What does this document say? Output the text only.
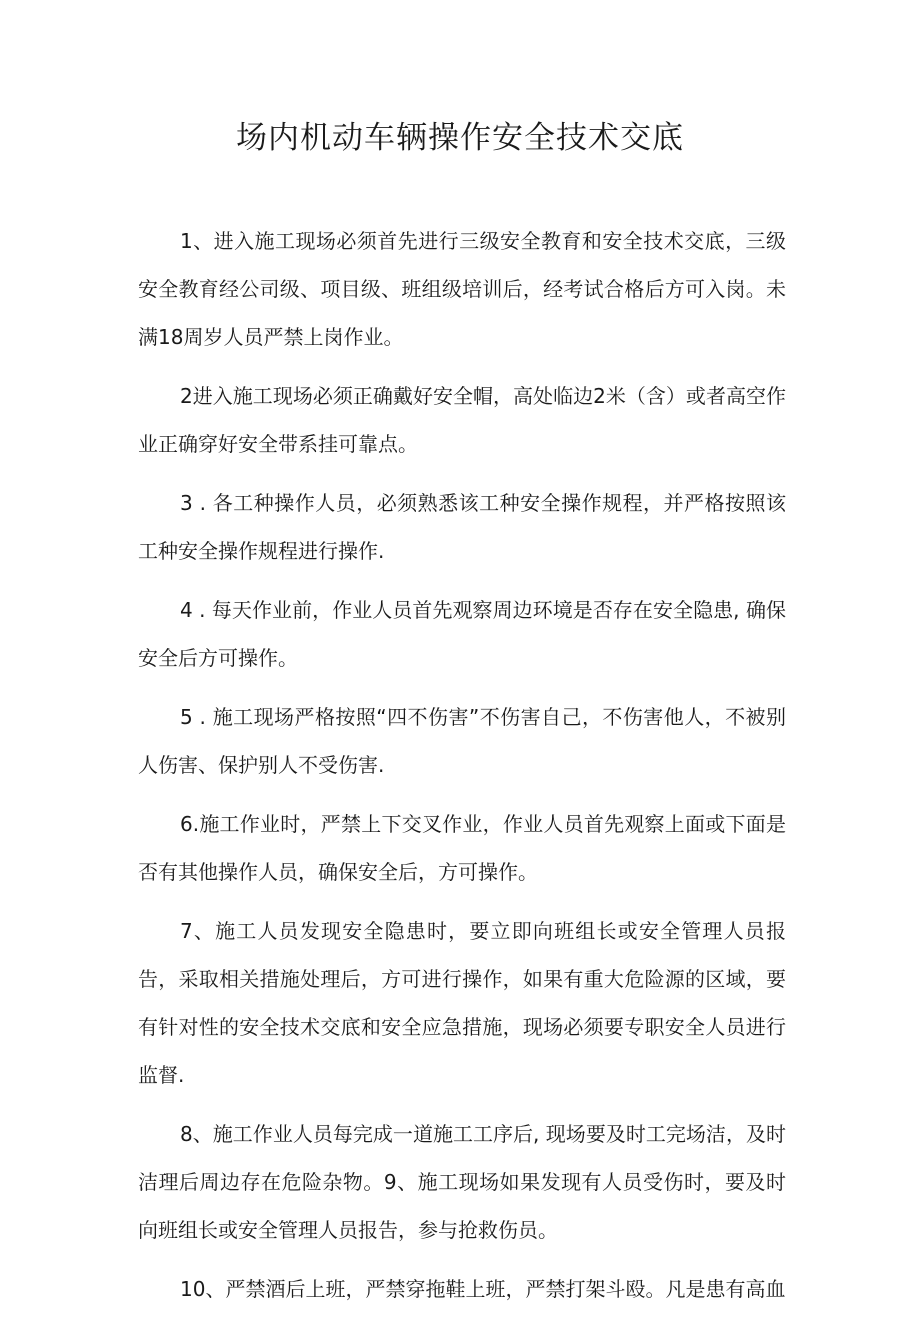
场内机动车辆操作安全技术交底

1、进入施工现场必须首先进行三级安全教育和安全技术交底，三级安全教育经公司级、项目级、班组级培训后，经考试合格后方可入岗。未满18周岁人员严禁上岗作业。

2进入施工现场必须正确戴好安全帽，高处临边2米（含）或者高空作业正确穿好安全带系挂可靠点。

3 . 各工种操作人员，必须熟悉该工种安全操作规程，并严格按照该工种安全操作规程进行操作.

4 . 每天作业前，作业人员首先观察周边环境是否存在安全隐患, 确保安全后方可操作。

5 . 施工现场严格按照“四不伤害”不伤害自己，不伤害他人，不被别人伤害、保护别人不受伤害.

6.施工作业时，严禁上下交叉作业，作业人员首先观察上面或下面是否有其他操作人员，确保安全后，方可操作。

7、施工人员发现安全隐患时，要立即向班组长或安全管理人员报告，采取相关措施处理后，方可进行操作，如果有重大危险源的区域，要有针对性的安全技术交底和安全应急措施，现场必须要专职安全人员进行监督.

8、施工作业人员每完成一道施工工序后, 现场要及时工完场洁，及时洁理后周边存在危险杂物。9、施工现场如果发现有人员受伤时，要及时向班组长或安全管理人员报告，参与抢救伤员。

10、严禁酒后上班，严禁穿拖鞋上班，严禁打架斗殴。凡是患有高血
